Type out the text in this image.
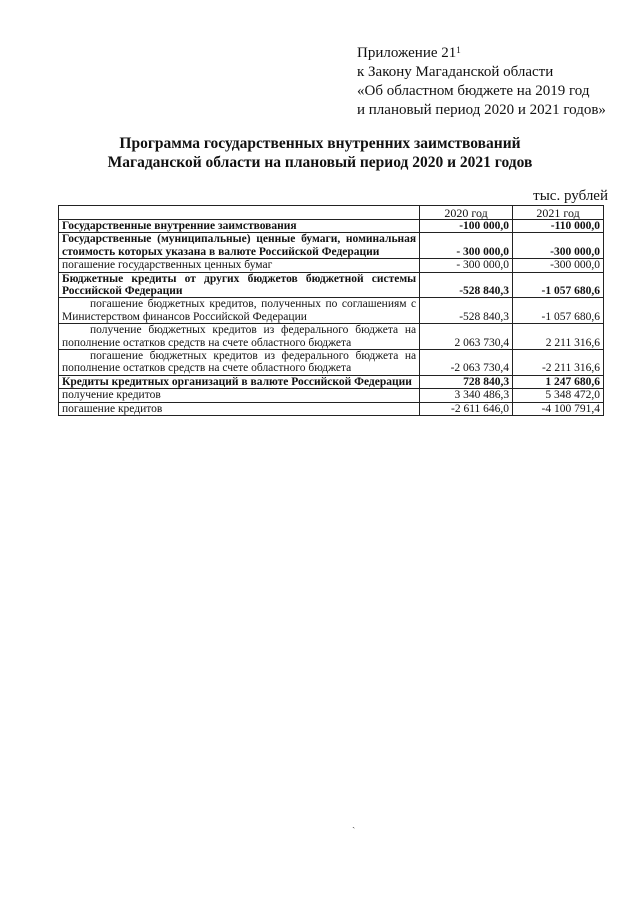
Приложение $21^1$
к Закону Магаданской области
«Об областном бюджете на 2019 год
и плановый период 2020 и 2021 годов»
Программа государственных внутренних заимствований
Магаданской области на плановый период 2020 и 2021 годов
тыс. рублей
	2020 год	2021 год
Государственные внутренние заимствования	-100 000,0	-110 000,0
Государственные (муниципальные) ценные бумаги, номинальная стоимость которых указана в валюте Российской Федерации	- 300 000,0	-300 000,0
погашение государственных ценных бумаг	- 300 000,0	-300 000,0
Бюджетные кредиты от других бюджетов бюджетной системы Российской Федерации	-528 840,3	-1 057 680,6
погашение бюджетных кредитов, полученных по соглашениям с Министерством финансов Российской Федерации	-528 840,3	-1 057 680,6
получение бюджетных кредитов из федерального бюджета на пополнение остатков средств на счете областного бюджета	2 063 730,4	2 211 316,6
погашение бюджетных кредитов из федерального бюджета на пополнение остатков средств на счете областного бюджета	-2 063 730,4	-2 211 316,6
Кредиты кредитных организаций в валюте Российской Федерации	728 840,3	1 247 680,6
получение кредитов	3 340 486,3	5 348 472,0
погашение кредитов	-2 611 646,0	-4 100 791,4
ˏ
